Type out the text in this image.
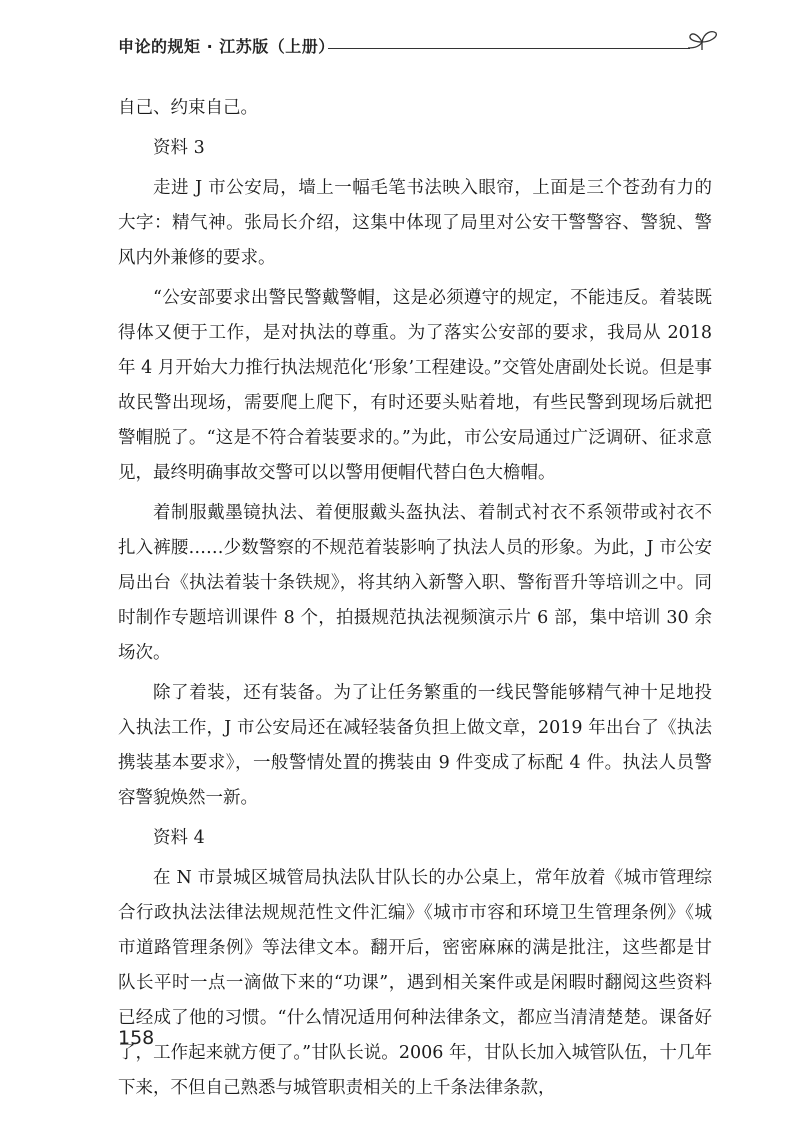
申论的规矩 · 江苏版（上册）

自己、约束自己。

资料 3

走进 J 市公安局，墙上一幅毛笔书法映入眼帘，上面是三个苍劲有力的大字：精气神。张局长介绍，这集中体现了局里对公安干警警容、警貌、警风内外兼修的要求。

“公安部要求出警民警戴警帽，这是必须遵守的规定，不能违反。着装既得体又便于工作，是对执法的尊重。为了落实公安部的要求，我局从 2018 年 4 月开始大力推行执法规范化‘形象’工程建设。”交管处唐副处长说。但是事故民警出现场，需要爬上爬下，有时还要头贴着地，有些民警到现场后就把警帽脱了。“这是不符合着装要求的。”为此，市公安局通过广泛调研、征求意见，最终明确事故交警可以以警用便帽代替白色大檐帽。

着制服戴墨镜执法、着便服戴头盔执法、着制式衬衣不系领带或衬衣不扎入裤腰……少数警察的不规范着装影响了执法人员的形象。为此，J 市公安局出台《执法着装十条铁规》，将其纳入新警入职、警衔晋升等培训之中。同时制作专题培训课件 8 个，拍摄规范执法视频演示片 6 部，集中培训 30 余场次。

除了着装，还有装备。为了让任务繁重的一线民警能够精气神十足地投入执法工作，J 市公安局还在减轻装备负担上做文章，2019 年出台了《执法携装基本要求》，一般警情处置的携装由 9 件变成了标配 4 件。执法人员警容警貌焕然一新。

资料 4

在 N 市景城区城管局执法队甘队长的办公桌上，常年放着《城市管理综合行政执法法律法规规范性文件汇编》《城市市容和环境卫生管理条例》《城市道路管理条例》等法律文本。翻开后，密密麻麻的满是批注，这些都是甘队长平时一点一滴做下来的“功课”，遇到相关案件或是闲暇时翻阅这些资料已经成了他的习惯。“什么情况适用何种法律条文，都应当清清楚楚。课备好了，工作起来就方便了。”甘队长说。2006 年，甘队长加入城管队伍，十几年下来，不但自己熟悉与城管职责相关的上千条法律条款，

158
